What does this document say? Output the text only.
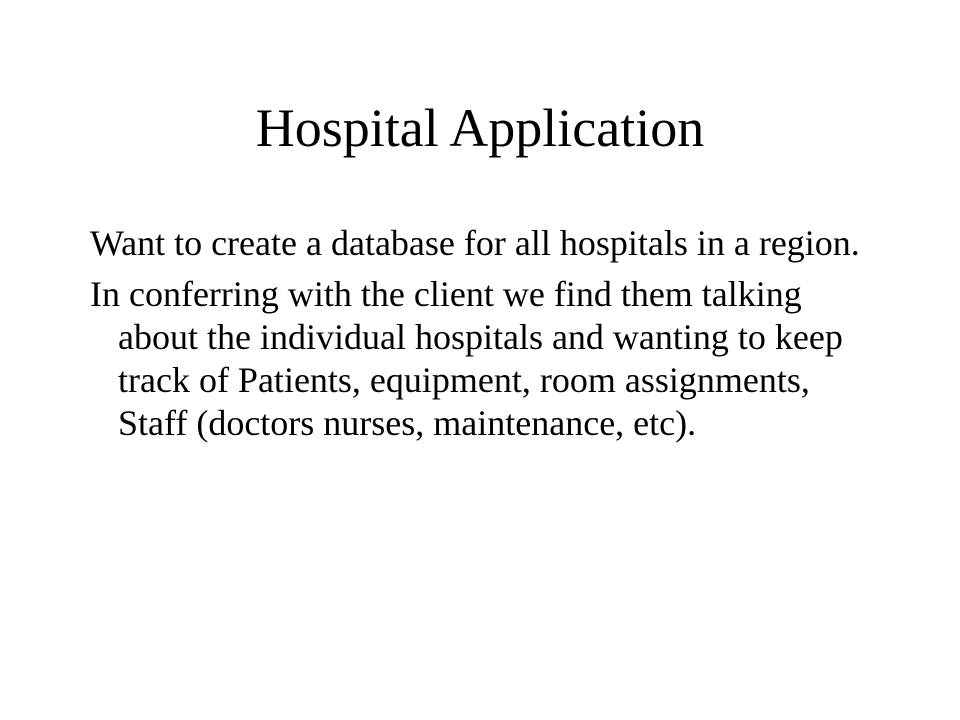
Hospital Application
Want to create a database for all hospitals in a region.
In conferring with the client we find them talking about the individual hospitals and wanting to keep track of Patients, equipment, room assignments, Staff (doctors nurses, maintenance, etc).
